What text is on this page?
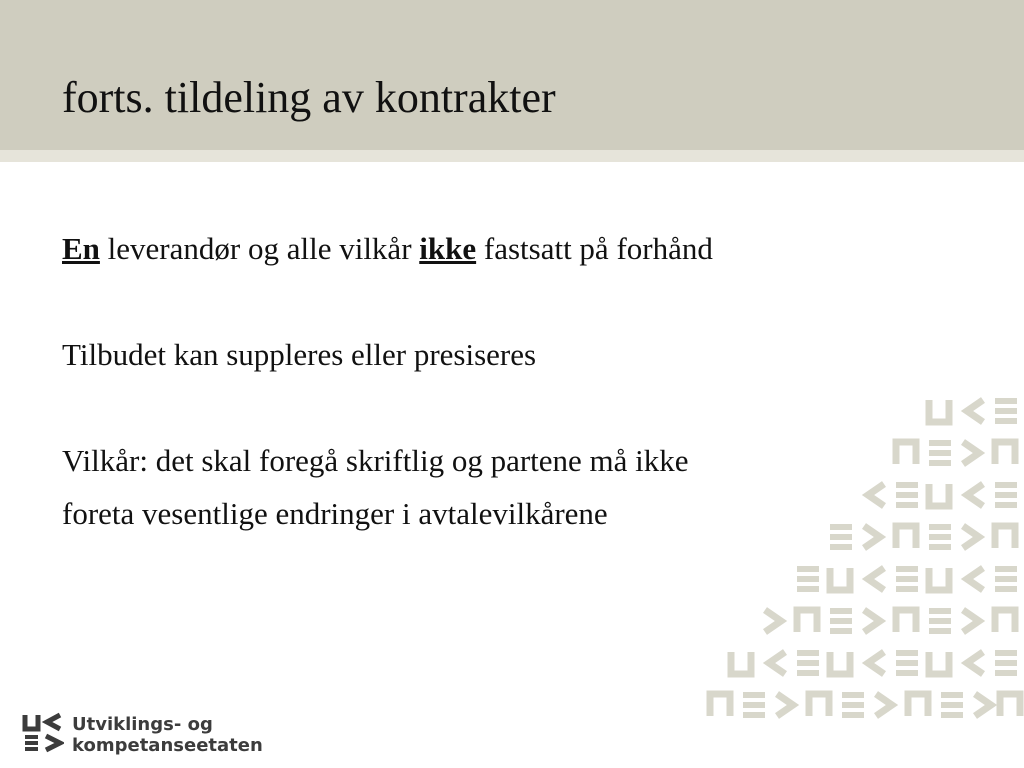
forts. tildeling av kontrakter

En leverandør og alle vilkår ikke fastsatt på forhånd

Tilbudet kan suppleres eller presiseres

Vilkår: det skal foregå skriftlig og partene må ikke

foreta vesentlige endringer i avtalevilkårene

Utviklings- og
kompetanseetaten
